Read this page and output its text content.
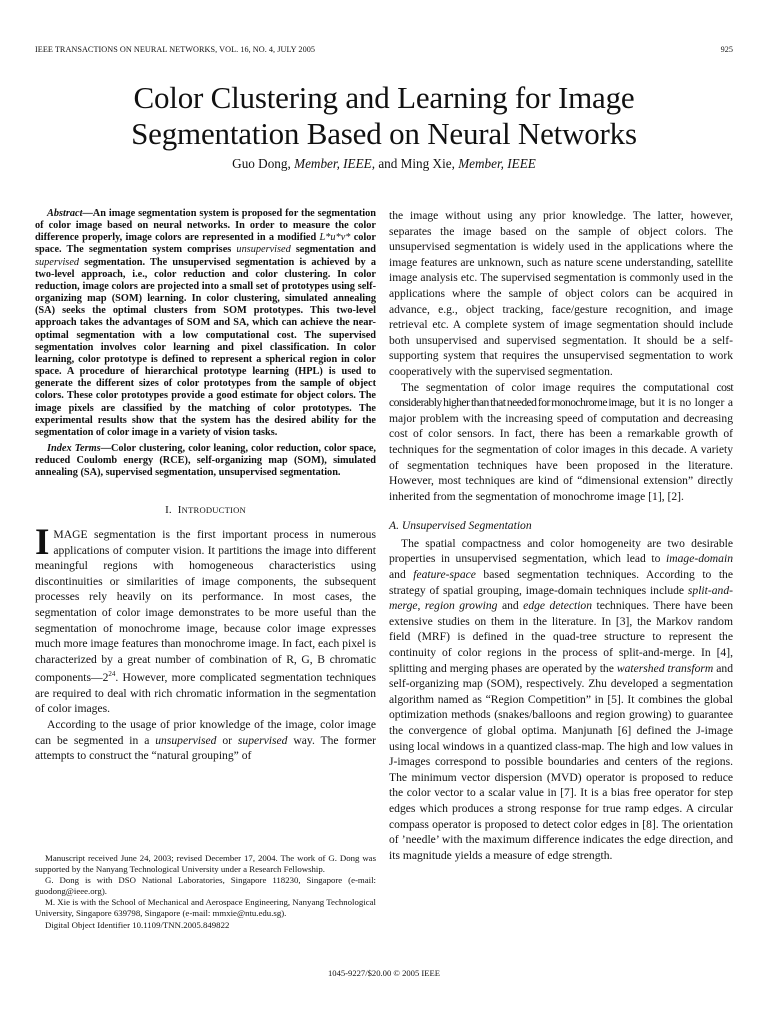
IEEE TRANSACTIONS ON NEURAL NETWORKS, VOL. 16, NO. 4, JULY 2005	925
Color Clustering and Learning for Image
Segmentation Based on Neural Networks
Guo Dong, Member, IEEE, and Ming Xie, Member, IEEE

Abstract—An image segmentation system is proposed for the segmentation of color image based on neural networks. In order to measure the color difference properly, image colors are represented in a modified L*u*v* color space. The segmentation system comprises unsupervised segmentation and supervised segmentation. The unsupervised segmentation is achieved by a two-level approach, i.e., color reduction and color clustering. In color reduction, image colors are projected into a small set of prototypes using self-organizing map (SOM) learning. In color clustering, simulated annealing (SA) seeks the optimal clusters from SOM prototypes. This two-level approach takes the advantages of SOM and SA, which can achieve the near-optimal segmentation with a low computational cost. The supervised segmentation involves color learning and pixel classification. In color learning, color prototype is defined to represent a spherical region in color space. A procedure of hierarchical prototype learning (HPL) is used to generate the different sizes of color prototypes from the sample of object colors. These color prototypes provide a good estimate for object colors. The image pixels are classified by the matching of color prototypes. The experimental results show that the system has the desired ability for the segmentation of color image in a variety of vision tasks.

Index Terms—Color clustering, color leaning, color reduction, color space, reduced Coulomb energy (RCE), self-organizing map (SOM), simulated annealing (SA), supervised segmentation, unsupervised segmentation.

I. INTRODUCTION

IMAGE segmentation is the first important process in numerous applications of computer vision. It partitions the image into different meaningful regions with homogeneous characteristics using discontinuities or similarities of image components, the subsequent processes rely heavily on its performance. In most cases, the segmentation of color image demonstrates to be more useful than the segmentation of monochrome image, because color image expresses much more image features than monochrome image. In fact, each pixel is characterized by a great number of combination of R, G, B chromatic $components—2^{24}$. However, more complicated segmentation techniques are required to deal with rich chromatic information in the segmentation of color images.

According to the usage of prior knowledge of the image, color image can be segmented in a unsupervised or supervised way. The former attempts to construct the “natural grouping” of

Manuscript received June 24, 2003; revised December 17, 2004. The work of G. Dong was supported by the Nanyang Technological University under a Research Fellowship.

G. Dong is with DSO National Laboratories, Singapore 118230, Singapore (e-mail: guodong@ieee.org).

M. Xie is with the School of Mechanical and Aerospace Engineering, Nanyang Technological University, Singapore 639798, Singapore (e-mail: mmxie@ntu.edu.sg).

Digital Object Identifier 10.1109/TNN.2005.849822

the image without using any prior knowledge. The latter, however, separates the image based on the sample of object colors. The unsupervised segmentation is widely used in the applications where the image features are unknown, such as nature scene understanding, satellite image analysis etc. The supervised segmentation is commonly used in the applications where the sample of object colors can be acquired in advance, e.g., object tracking, face/gesture recognition, and image retrieval etc. A complete system of image segmentation should include both unsupervised and supervised segmentation. It should be a self-supporting system that requires the unsupervised segmentation to work cooperatively with the supervised segmentation.

The segmentation of color image requires the computational cost considerably higher than that needed for monochrome image, but it is no longer a major problem with the increasing speed of computation and decreasing cost of color sensors. In fact, there has been a remarkable growth of techniques for the segmentation of color images in this decade. A variety of segmentation techniques have been proposed in the literature. However, most techniques are kind of “dimensional extension” directly inherited from the segmentation of monochrome image [1], [2].

A. Unsupervised Segmentation

The spatial compactness and color homogeneity are two desirable properties in unsupervised segmentation, which lead to image-domain and feature-space based segmentation techniques. According to the strategy of spatial grouping, image-domain techniques include split-and-merge, region growing and edge detection techniques. There have been extensive studies on them in the literature. In [3], the Markov random field (MRF) is defined in the quad-tree structure to represent the continuity of color regions in the process of split-and-merge. In [4], splitting and merging phases are operated by the watershed transform and self-organizing map (SOM), respectively. Zhu developed a segmentation algorithm named as “Region Competition” in [5]. It combines the global optimization methods (snakes/balloons and region growing) to guarantee the convergence of global optima. Manjunath [6] defined the J-image using local windows in a quantized class-map. The high and low values in J-images correspond to possible boundaries and centers of the regions. The minimum vector dispersion (MVD) operator is proposed to reduce the color vector to a scalar value in [7]. It is a bias free operator for step edges which produces a strong response for true ramp edges. A circular compass operator is proposed to detect color edges in [8]. The orientation of ’needle’ with the maximum difference indicates the edge direction, and its magnitude yields a measure of edge strength.

1045-9227/$20.00 © 2005 IEEE
